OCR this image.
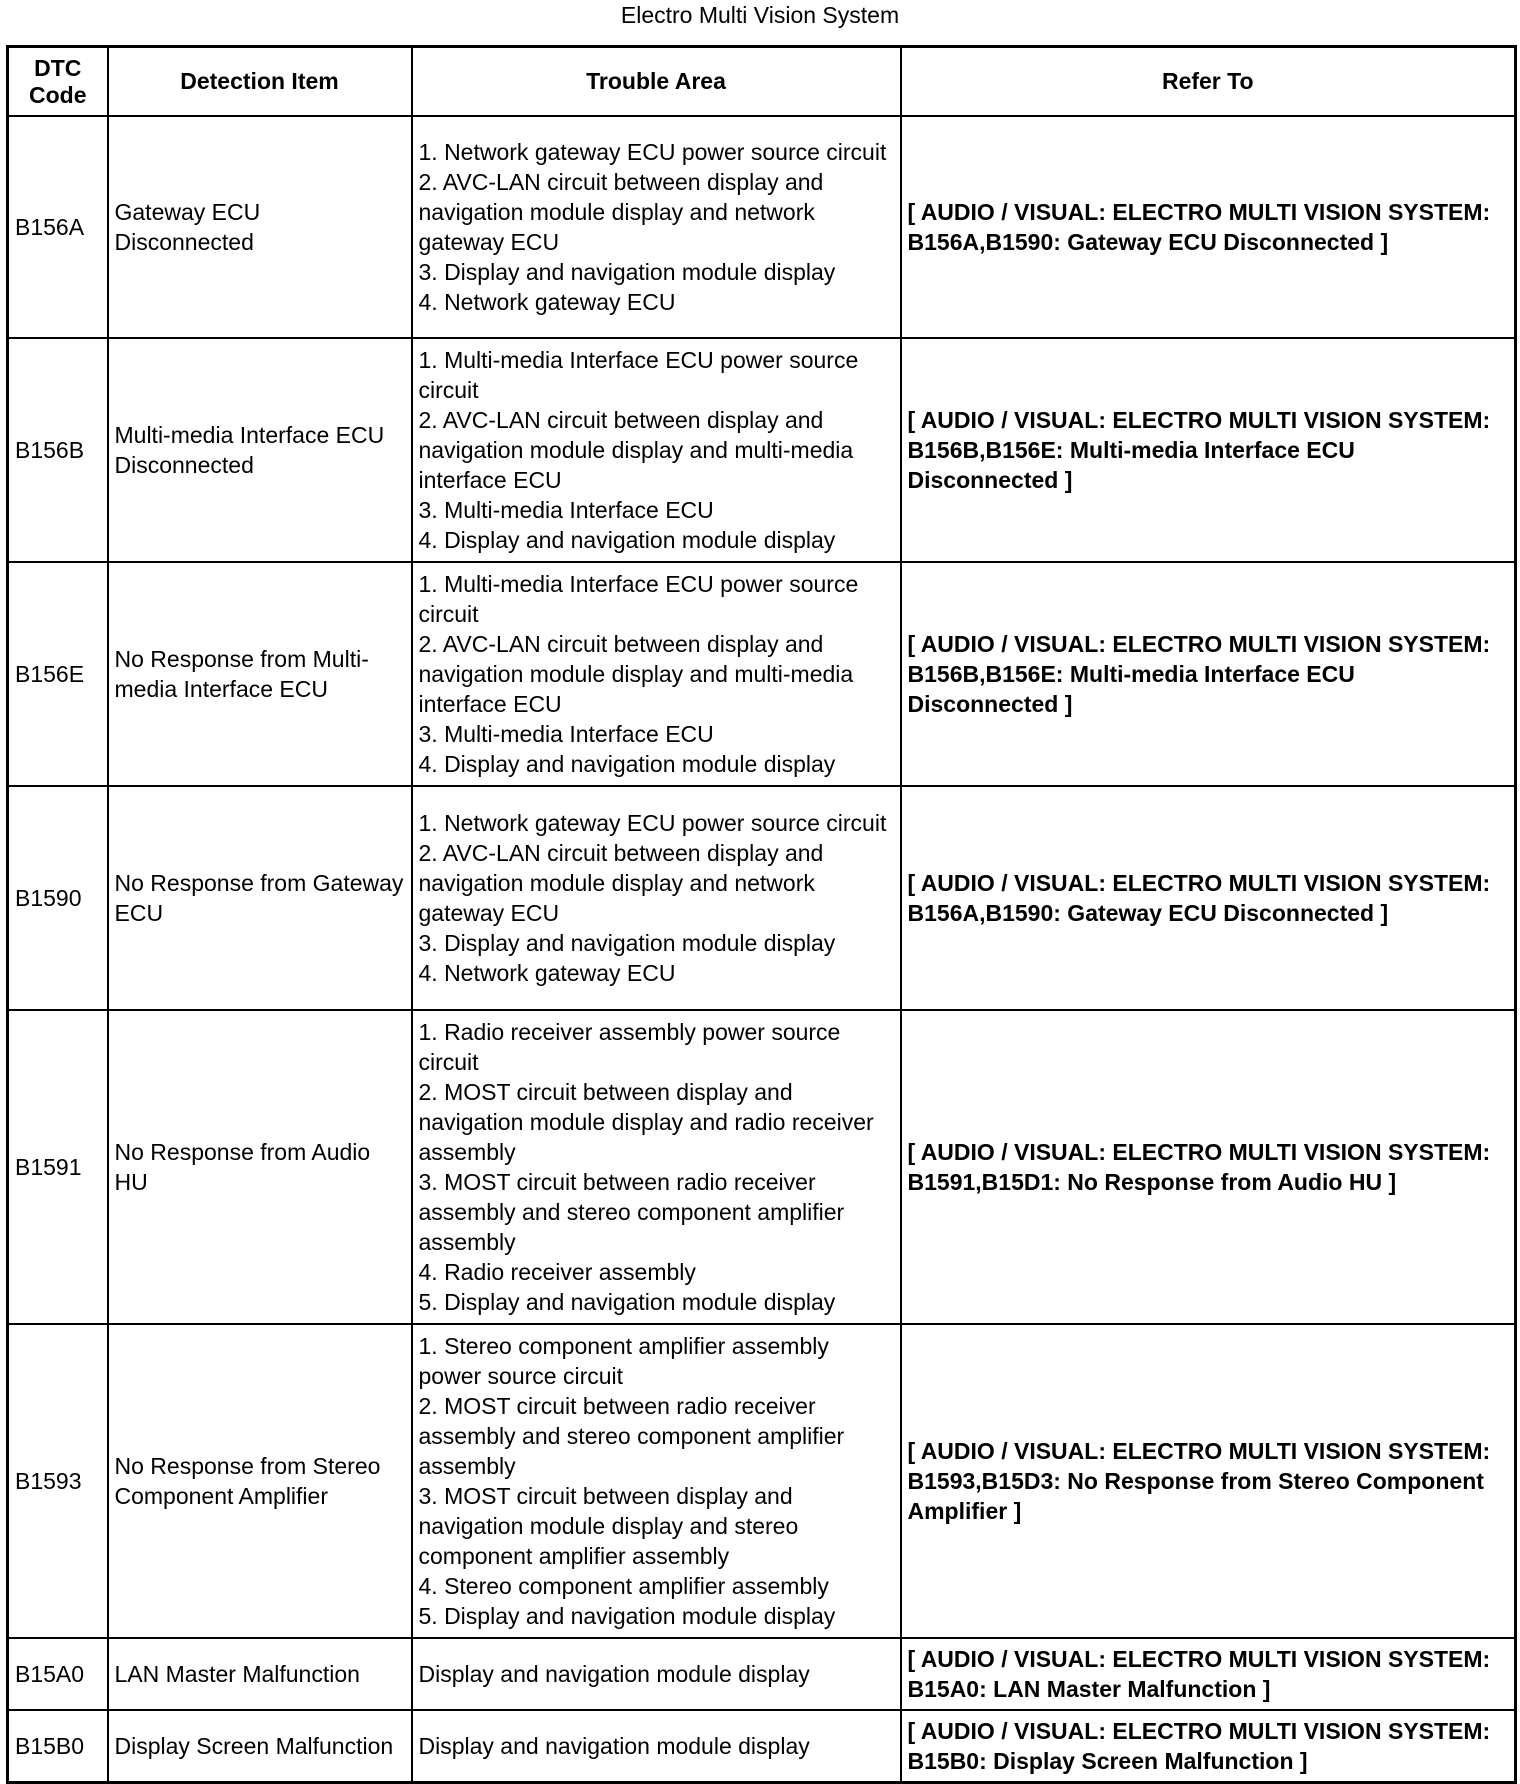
Electro Multi Vision System
DTC Code	Detection Item	Trouble Area	Refer To
B156A	Gateway ECU Disconnected	1. Network gateway ECU power source circuit
2. AVC-LAN circuit between display and navigation module display and network gateway ECU
3. Display and navigation module display
4. Network gateway ECU	[ AUDIO / VISUAL: ELECTRO MULTI VISION SYSTEM: B156A,B1590: Gateway ECU Disconnected ]
B156B	Multi-media Interface ECU Disconnected	1. Multi-media Interface ECU power source circuit
2. AVC-LAN circuit between display and navigation module display and multi-media interface ECU
3. Multi-media Interface ECU
4. Display and navigation module display	[ AUDIO / VISUAL: ELECTRO MULTI VISION SYSTEM: B156B,B156E: Multi-media Interface ECU Disconnected ]
B156E	No Response from Multi-media Interface ECU	1. Multi-media Interface ECU power source circuit
2. AVC-LAN circuit between display and navigation module display and multi-media interface ECU
3. Multi-media Interface ECU
4. Display and navigation module display	[ AUDIO / VISUAL: ELECTRO MULTI VISION SYSTEM: B156B,B156E: Multi-media Interface ECU Disconnected ]
B1590	No Response from Gateway ECU	1. Network gateway ECU power source circuit
2. AVC-LAN circuit between display and navigation module display and network gateway ECU
3. Display and navigation module display
4. Network gateway ECU	[ AUDIO / VISUAL: ELECTRO MULTI VISION SYSTEM: B156A,B1590: Gateway ECU Disconnected ]
B1591	No Response from Audio HU	1. Radio receiver assembly power source circuit
2. MOST circuit between display and navigation module display and radio receiver assembly
3. MOST circuit between radio receiver assembly and stereo component amplifier assembly
4. Radio receiver assembly
5. Display and navigation module display	[ AUDIO / VISUAL: ELECTRO MULTI VISION SYSTEM: B1591,B15D1: No Response from Audio HU ]
B1593	No Response from Stereo Component Amplifier	1. Stereo component amplifier assembly power source circuit
2. MOST circuit between radio receiver assembly and stereo component amplifier assembly
3. MOST circuit between display and navigation module display and stereo component amplifier assembly
4. Stereo component amplifier assembly
5. Display and navigation module display	[ AUDIO / VISUAL: ELECTRO MULTI VISION SYSTEM: B1593,B15D3: No Response from Stereo Component Amplifier ]
B15A0	LAN Master Malfunction	Display and navigation module display	[ AUDIO / VISUAL: ELECTRO MULTI VISION SYSTEM: B15A0: LAN Master Malfunction ]
B15B0	Display Screen Malfunction	Display and navigation module display	[ AUDIO / VISUAL: ELECTRO MULTI VISION SYSTEM: B15B0: Display Screen Malfunction ]
